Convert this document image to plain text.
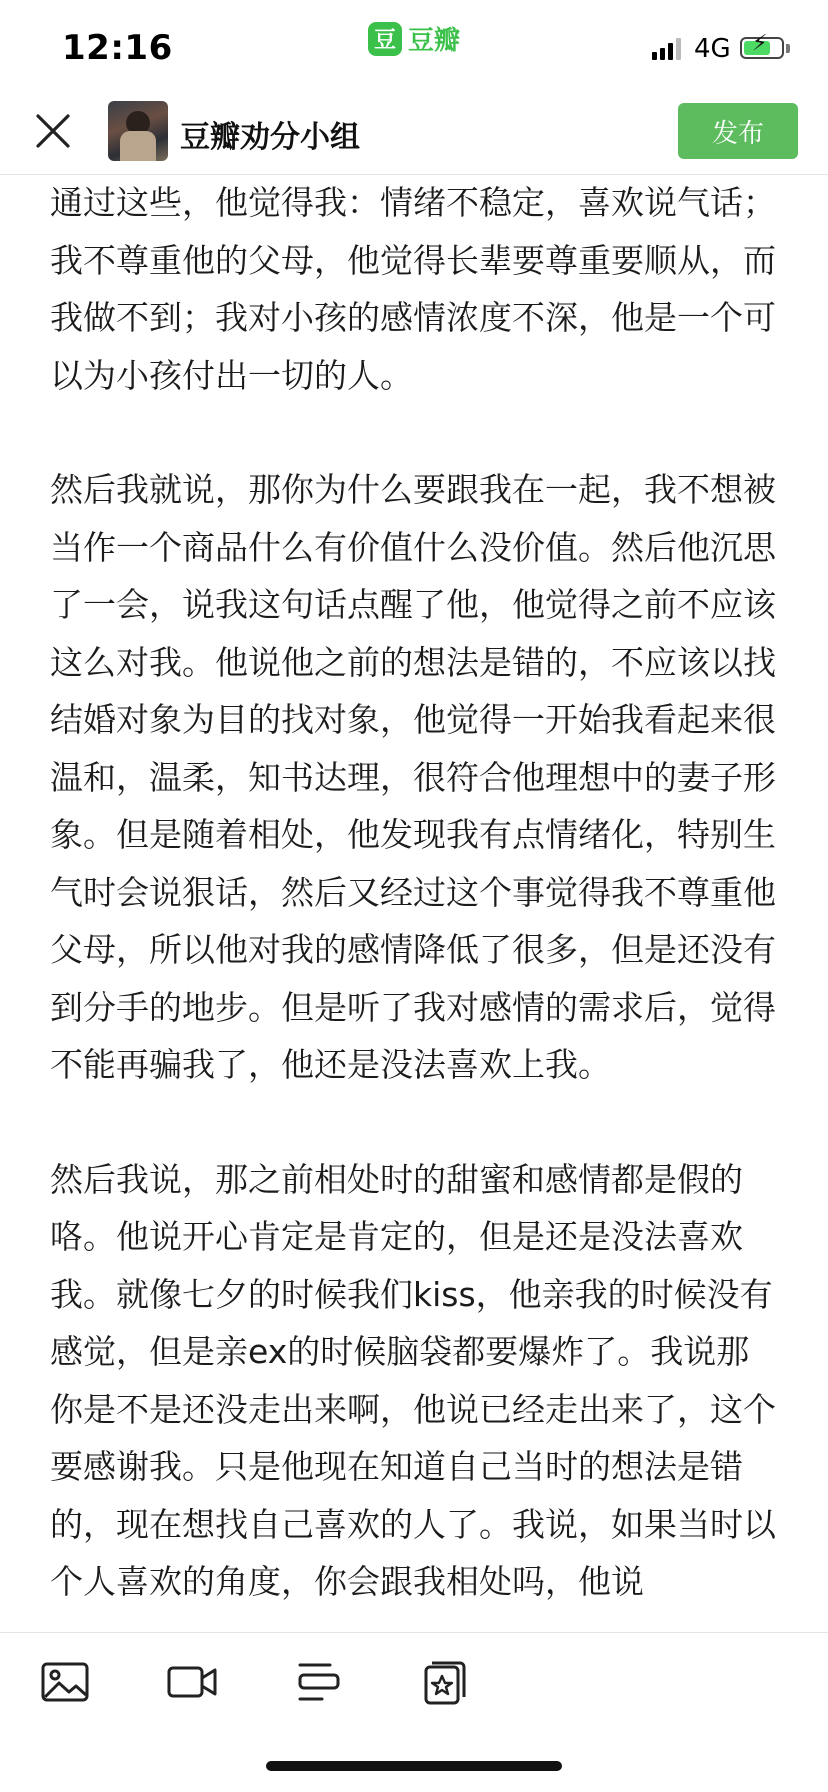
12:16	豆 豆瓣	4G ⚡
豆瓣劝分小组	发布

通过这些，他觉得我：情绪不稳定，喜欢说气话；我不尊重他的父母，他觉得长辈要尊重要顺从，而我做不到；我对小孩的感情浓度不深，他是一个可以为小孩付出一切的人。

然后我就说，那你为什么要跟我在一起，我不想被当作一个商品什么有价值什么没价值。然后他沉思了一会，说我这句话点醒了他，他觉得之前不应该这么对我。他说他之前的想法是错的，不应该以找结婚对象为目的找对象，他觉得一开始我看起来很温和，温柔，知书达理，很符合他理想中的妻子形象。但是随着相处，他发现我有点情绪化，特别生气时会说狠话，然后又经过这个事觉得我不尊重他父母，所以他对我的感情降低了很多，但是还没有到分手的地步。但是听了我对感情的需求后，觉得不能再骗我了，他还是没法喜欢上我。

然后我说，那之前相处时的甜蜜和感情都是假的咯。他说开心肯定是肯定的，但是还是没法喜欢我。就像七夕的时候我们kiss，他亲我的时候没有感觉，但是亲ex的时候脑袋都要爆炸了。我说那你是不是还没走出来啊，他说已经走出来了，这个要感谢我。只是他现在知道自己当时的想法是错的，现在想找自己喜欢的人了。我说，如果当时以个人喜欢的角度，你会跟我相处吗，他说
